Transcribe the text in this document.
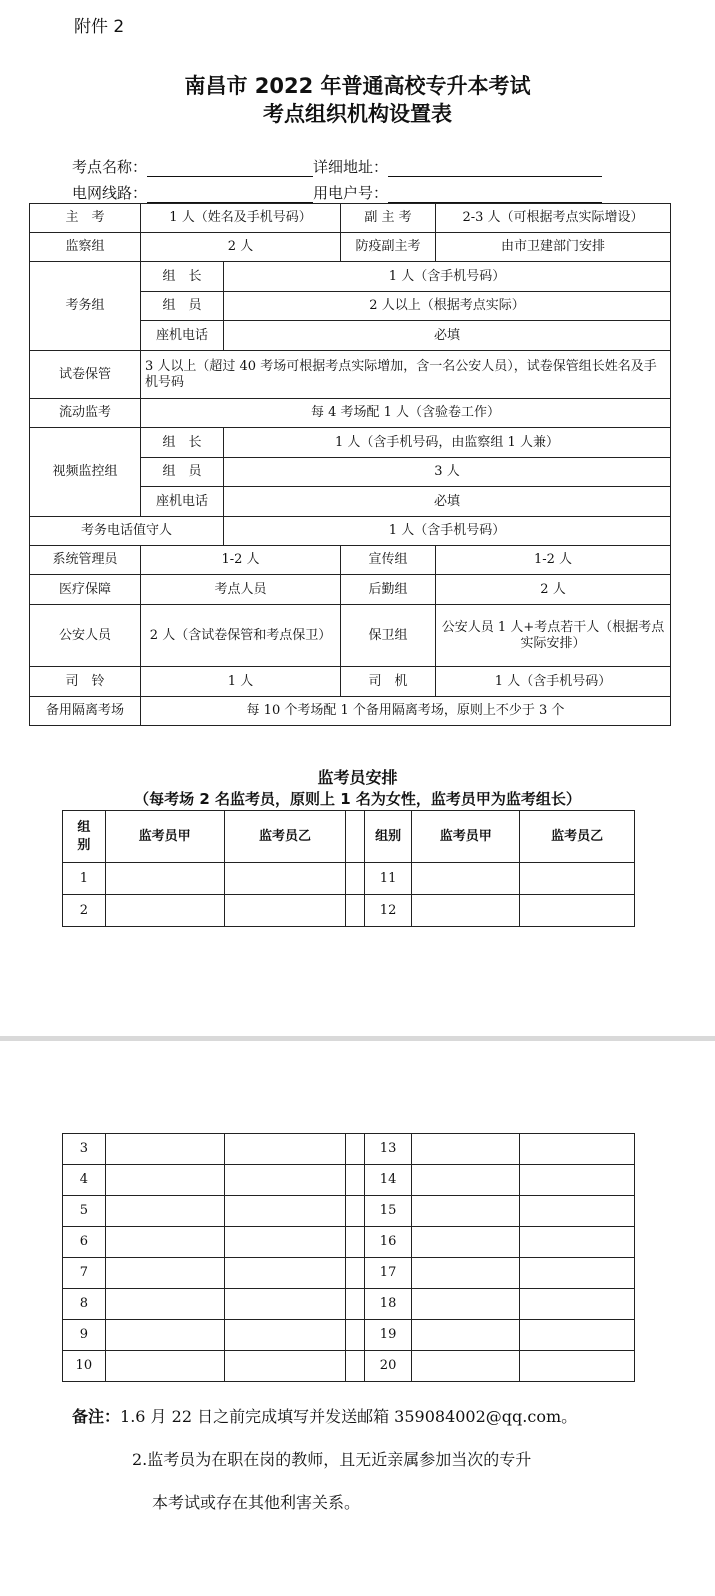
附件 2
南昌市 2022 年普通高校专升本考试
考点组织机构设置表
考点名称：	详细地址：
电网线路：	用电户号：
主　考	1 人（姓名及手机号码）		副 主 考	2-3 人（可根据考点实际增设）
监察组	2 人		防疫副主考	由市卫建部门安排
考务组	组　长	1 人（含手机号码）		
	组　员	2 人以上（根据考点实际）		
	座机电话	必填		
试卷保管	3 人以上（超过 40 考场可根据考点实际增加，含一名公安人员），试卷保管组长姓名及手机号码			
流动监考	每 4 考场配 1 人（含验卷工作）			
视频监控组	组　长	1 人（含手机号码，由监察组 1 人兼）		
	组　员	3 人		
	座机电话	必填		
考务电话值守人		1 人（含手机号码）		
系统管理员	1-2 人		宣传组	1-2 人
医疗保障	考点人员		后勤组	2 人
公安人员	2 人（含试卷保管和考点保卫）		保卫组	公安人员 1 人+考点若干人（根据考点实际安排）
司　铃	1 人		司　机	1 人（含手机号码）
备用隔离考场	每 10 个考场配 1 个备用隔离考场，原则上不少于 3 个			
监考员安排
（每考场 2 名监考员，原则上 1 名为女性，监考员甲为监考组长）
组别	监考员甲	监考员乙		组别	监考员甲	监考员乙
1				11		
2				12		
3				13		
4				14		
5				15		
6				16		
7				17		
8				18		
9				19		
10				20		
备注：1.6 月 22 日之前完成填写并发送邮箱 359084002@qq.com。
2.监考员为在职在岗的教师，且无近亲属参加当次的专升
本考试或存在其他利害关系。
